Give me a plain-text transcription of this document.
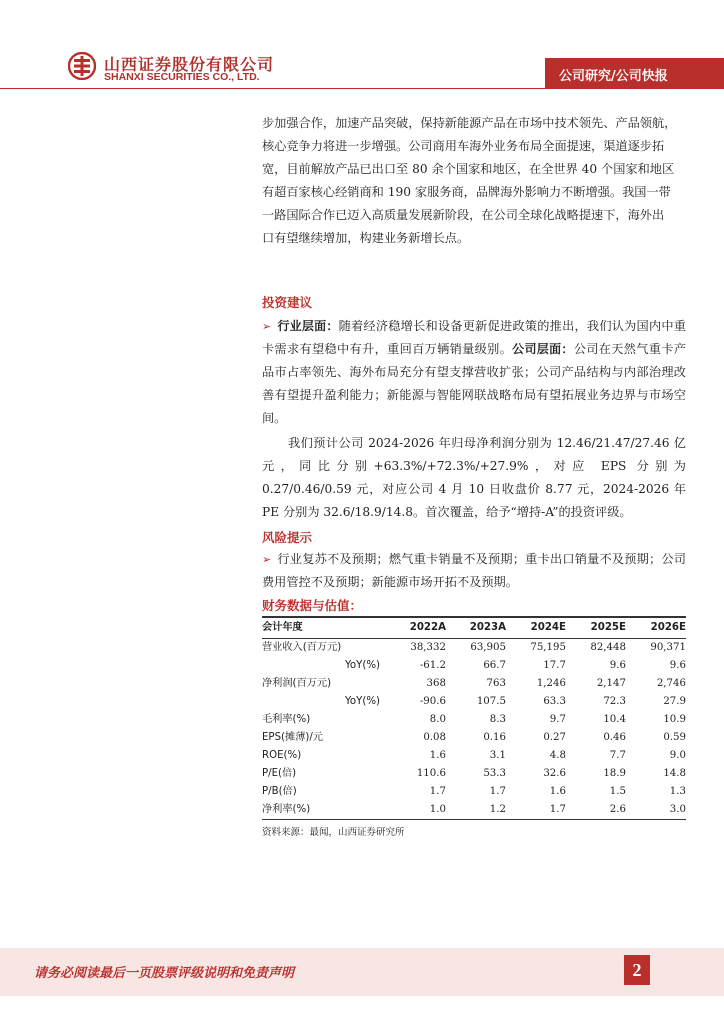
山西证券股份有限公司
SHANXI SECURITIES CO., LTD.	公司研究/公司快报

步加强合作，加速产品突破，保持新能源产品在市场中技术领先、产品领航，

核心竞争力将进一步增强。公司商用车海外业务布局全面提速，渠道逐步拓

宽，目前解放产品已出口至 80 余个国家和地区，在全世界 40 个国家和地区

有超百家核心经销商和 190 家服务商，品牌海外影响力不断增强。我国一带

一路国际合作已迈入高质量发展新阶段，在公司全球化战略提速下，海外出

口有望继续增加，构建业务新增长点。

投资建议

➢ 行业层面：随着经济稳增长和设备更新促进政策的推出，我们认为国内中重卡需求有望稳中有升，重回百万辆销量级别。公司层面：公司在天然气重卡产品市占率领先、海外布局充分有望支撑营收扩张；公司产品结构与内部治理改善有望提升盈利能力；新能源与智能网联战略布局有望拓展业务边界与市场空间。

我们预计公司 2024-2026 年归母净利润分别为 12.46/21.47/27.46 亿元，同比分别+63.3%/+72.3%/+27.9%，对应 EPS 分别为 0.27/0.46/0.59 元，对应公司 4 月 10 日收盘价 8.77 元，2024-2026 年 PE 分别为 32.6/18.9/14.8。首次覆盖，给予“增持-A”的投资评级。

风险提示

➢ 行业复苏不及预期；燃气重卡销量不及预期；重卡出口销量不及预期；公司费用管控不及预期；新能源市场开拓不及预期。

财务数据与估值：

会计年度	2022A	2023A	2024E	2025E	2026E
营业收入(百万元)	38,332	63,905	75,195	82,448	90,371
YoY(%)	-61.2	66.7	17.7	9.6	9.6
净利润(百万元)	368	763	1,246	2,147	2,746
YoY(%)	-90.6	107.5	63.3	72.3	27.9
毛利率(%)	8.0	8.3	9.7	10.4	10.9
EPS(摊薄)/元	0.08	0.16	0.27	0.46	0.59
ROE(%)	1.6	3.1	4.8	7.7	9.0
P/E(倍)	110.6	53.3	32.6	18.9	14.8
P/B(倍)	1.7	1.7	1.6	1.5	1.3
净利率(%)	1.0	1.2	1.7	2.6	3.0
资料来源：最闻，山西证券研究所
请务必阅读最后一页股票评级说明和免责声明	2
